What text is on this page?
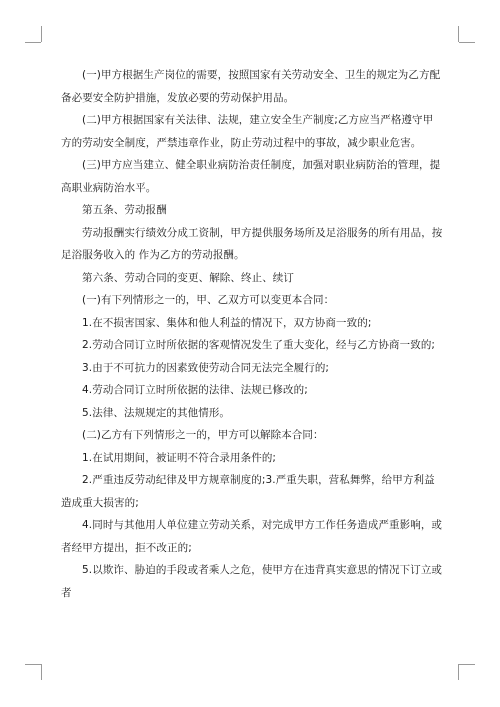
(一)甲方根据生产岗位的需要，按照国家有关劳动安全、卫生的规定为乙方配备必要安全防护措施，发放必要的劳动保护用品。

(二)甲方根据国家有关法律、法规，建立安全生产制度;乙方应当严格遵守甲方的劳动安全制度，严禁违章作业，防止劳动过程中的事故，减少职业危害。

(三)甲方应当建立、健全职业病防治责任制度，加强对职业病防治的管理，提高职业病防治水平。

第五条、劳动报酬

劳动报酬实行绩效分成工资制，甲方提供服务场所及足浴服务的所有用品，按足浴服务收入的 作为乙方的劳动报酬。

第六条、劳动合同的变更、解除、终止、续订

(一)有下列情形之一的，甲、乙双方可以变更本合同：

1.在不损害国家、集体和他人利益的情况下，双方协商一致的;

2.劳动合同订立时所依据的客观情况发生了重大变化，经与乙方协商一致的;

3.由于不可抗力的因素致使劳动合同无法完全履行的;

4.劳动合同订立时所依据的法律、法规已修改的;

5.法律、法规规定的其他情形。

(二)乙方有下列情形之一的，甲方可以解除本合同：

1.在试用期间，被证明不符合录用条件的;

2.严重违反劳动纪律及甲方规章制度的;3.严重失职，营私舞弊，给甲方利益造成重大损害的;

4.同时与其他用人单位建立劳动关系，对完成甲方工作任务造成严重影响，或者经甲方提出，拒不改正的;

5.以欺诈、胁迫的手段或者乘人之危，使甲方在违背真实意思的情况下订立或者
